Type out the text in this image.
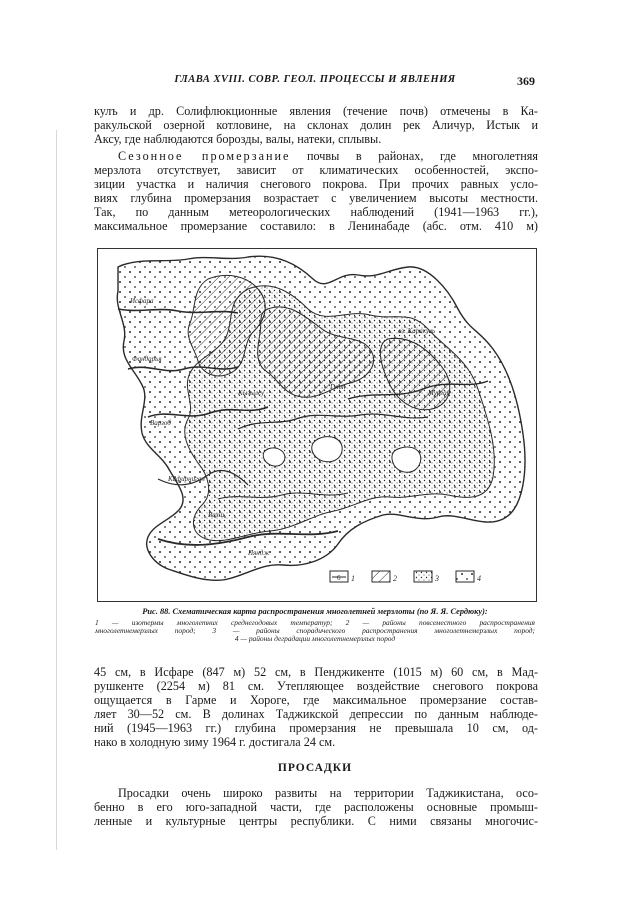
ГЛАВА XVIII. СОВР. ГЕОЛ. ПРОЦЕССЫ И ЯВЛЕНИЯ	369
кулъ и др. Солифлюкционные явления (течение почв) отмечены в Ка-
ракульской озерной котловине, на склонах долин рек Аличур, Истык и
Аксу, где наблюдаются борозды, валы, натеки, сплывы.
Сезонное промерзание почвы в районах, где многолетняя
мерзлота отсутствует, зависит от климатических особенностей, экспо-
зиции участка и наличия снегового покрова. При прочих равных усло-
виях глубина промерзания возрастает с увеличением высоты местности.
Так, по данным метеорологических наблюдений (1941—1963 гг.),
максимальное промерзание составило: в Ленинабаде (абс. отм. 410 м)
Исфара
Фандарья
Варзоб
Кафирниган
Вахш
Кызылсу
Пяндж
Гунт
оз. Каракуль
Мургаб
6 1	2	3	4
Рис. 88. Схематическая карта распространения многолетней мерзлоты (по Я. Я. Сердюку):
1 — изотермы многолетних среднегодовых температур; 2 — районы повсеместного распространения
многолетнемерзлых пород; 3 — районы спорадического распространения многолетнемерзлых пород;
4 — районы деградации многолетнемерзлых пород
45 см, в Исфаре (847 м) 52 см, в Пенджикенте (1015 м) 60 см, в Мад-
рушкенте (2254 м) 81 см. Утепляющее воздействие снегового покрова
ощущается в Гарме и Хороге, где максимальное промерзание состав-
ляет 30—52 см. В долинах Таджикской депрессии по данным наблюде-
ний (1945—1963 гг.) глубина промерзания не превышала 10 см, од-
нако в холодную зиму 1964 г. достигала 24 см.
ПРОСАДКИ
Просадки очень широко развиты на территории Таджикистана, осо-
бенно в его юго-западной части, где расположены основные промыш-
ленные и культурные центры республики. С ними связаны многочис-
